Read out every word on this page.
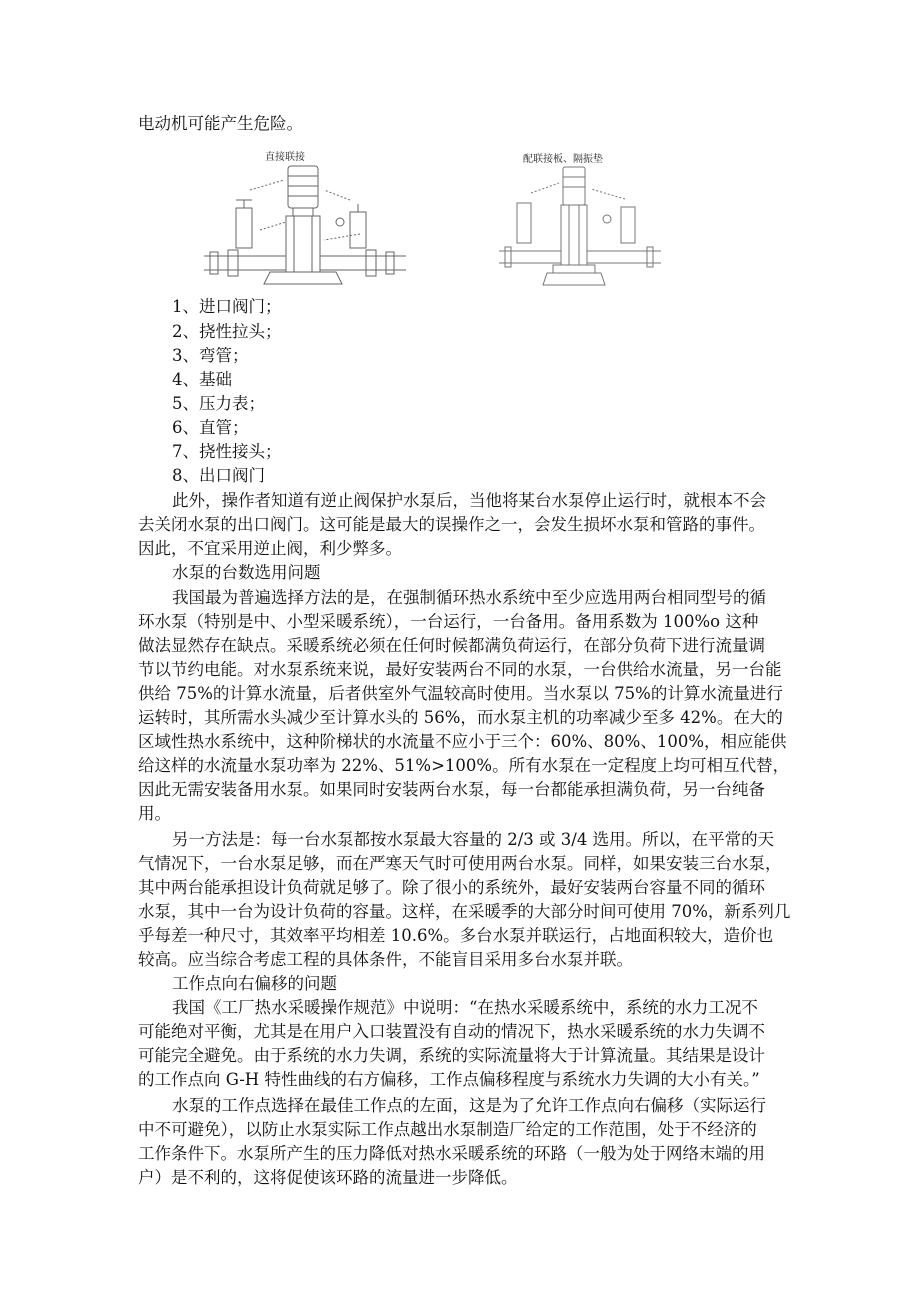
电动机可能产生危险。
直接联接	配联接板、隔振垫
1、进口阀门；
2、挠性拉头；
3、弯管；
4、基础
5、压力表；
6、直管；
7、挠性接头；
8、出口阀门
此外，操作者知道有逆止阀保护水泵后，当他将某台水泵停止运行时，就根本不会
去关闭水泵的出口阀门。这可能是最大的误操作之一，会发生损坏水泵和管路的事件。
因此，不宜采用逆止阀，利少弊多。
水泵的台数选用问题
我国最为普遍选择方法的是，在强制循环热水系统中至少应选用两台相同型号的循
环水泵（特别是中、小型采暖系统），一台运行，一台备用。备用系数为 100%o 这种
做法显然存在缺点。采暖系统必须在任何时候都满负荷运行，在部分负荷下进行流量调
节以节约电能。对水泵系统来说，最好安装两台不同的水泵，一台供给水流量，另一台能
供给 75%的计算水流量，后者供室外气温较高时使用。当水泵以 75%的计算水流量进行
运转时，其所需水头减少至计算水头的 56%，而水泵主机的功率减少至多 42%。在大的
区域性热水系统中，这种阶梯状的水流量不应小于三个：60%、80%、100%，相应能供
给这样的水流量水泵功率为 22%、51%>100%。所有水泵在一定程度上均可相互代替，
因此无需安装备用水泵。如果同时安装两台水泵，每一台都能承担满负荷，另一台纯备
用。
另一方法是：每一台水泵都按水泵最大容量的 2/3 或 3/4 选用。所以，在平常的天
气情况下，一台水泵足够，而在严寒天气时可使用两台水泵。同样，如果安装三台水泵，
其中两台能承担设计负荷就足够了。除了很小的系统外，最好安装两台容量不同的循环
水泵，其中一台为设计负荷的容量。这样，在采暖季的大部分时间可使用 70%，新系列几
乎每差一种尺寸，其效率平均相差 10.6%。多台水泵并联运行，占地面积较大，造价也
较高。应当综合考虑工程的具体条件，不能盲目采用多台水泵并联。
工作点向右偏移的问题
我国《工厂热水采暖操作规范》中说明：“在热水采暖系统中，系统的水力工况不
可能绝对平衡，尤其是在用户入口装置没有自动的情况下，热水采暖系统的水力失调不
可能完全避免。由于系统的水力失调，系统的实际流量将大于计算流量。其结果是设计
的工作点向 G-H 特性曲线的右方偏移，工作点偏移程度与系统水力失调的大小有关。”
水泵的工作点选择在最佳工作点的左面，这是为了允许工作点向右偏移（实际运行
中不可避免），以防止水泵实际工作点越出水泵制造厂给定的工作范围，处于不经济的
工作条件下。水泵所产生的压力降低对热水采暖系统的环路（一般为处于网络末端的用
户）是不利的，这将促使该环路的流量进一步降低。
